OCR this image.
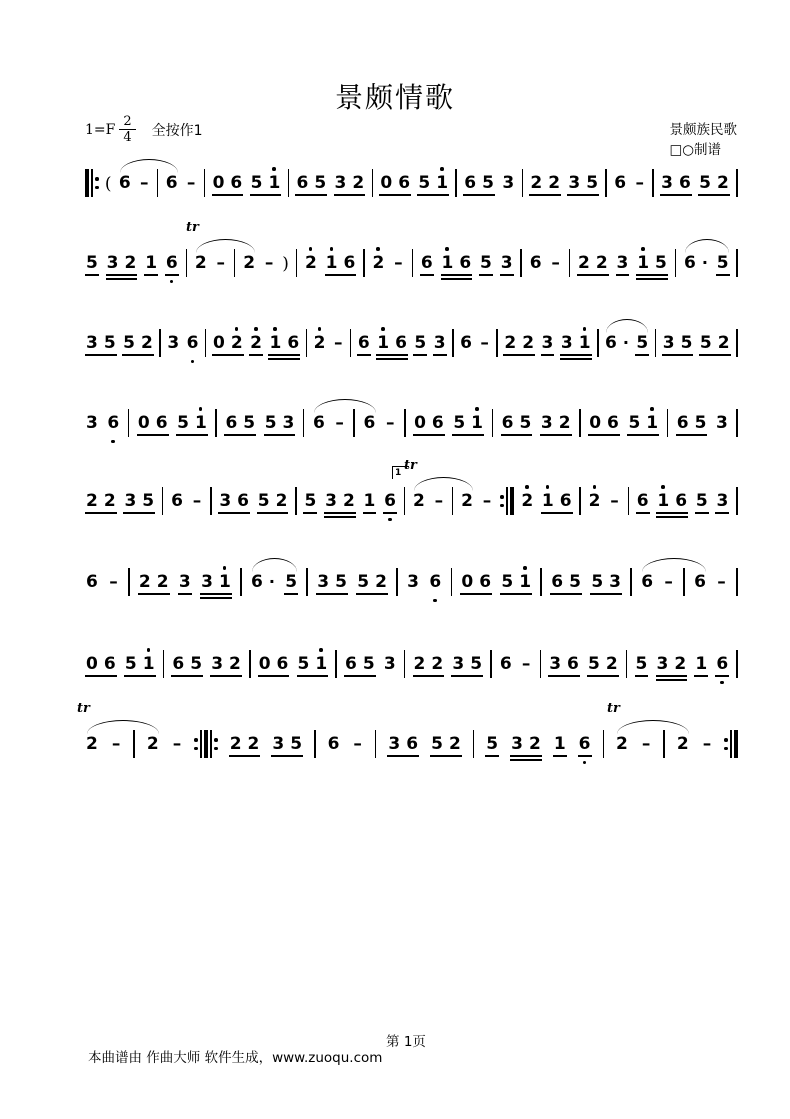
景颇情歌
$1=F \frac{2}{4}$ 全按作1	景颇族民歌
□○制谱
( 6 – 6 – 0 6 5 1 6 5 3 2 0 6 5 1 6 5 3 2 2 3 5 6 – 3 6 5 2
5 3 2 1 6 2 – 2 – ) 2 1 6 2 – 6 1 6 5 3 6 – 2 2 3 1 5 6 · 5
tr
3 5 5 2 3 6 0 2 2 1 6 2 – 6 1 6 5 3 6 – 2 2 3 3 1 6 · 5 3 5 5 2
3 6 0 6 5 1 6 5 5 3 6 – 6 – 0 6 5 1 6 5 3 2 0 6 5 1 6 5 3
2 2 3 5 6 – 3 6 5 2 5 3 2 1 6 2 – 2 – 2 1 6 2 – 6 1 6 5 3
tr
1
6 – 2 2 3 3 1 6 · 5 3 5 5 2 3 6 0 6 5 1 6 5 5 3 6 – 6 –
0 6 5 1 6 5 3 2 0 6 5 1 6 5 3 2 2 3 5 6 – 3 6 5 2 5 3 2 1 6
2 – 2 –	2 2 3 5 6 – 3 6 5 2 5 3 2 1 6 2 – 2 –
tr	tr
第 1页
本曲谱由 作曲大师 软件生成，www.zuoqu.com
